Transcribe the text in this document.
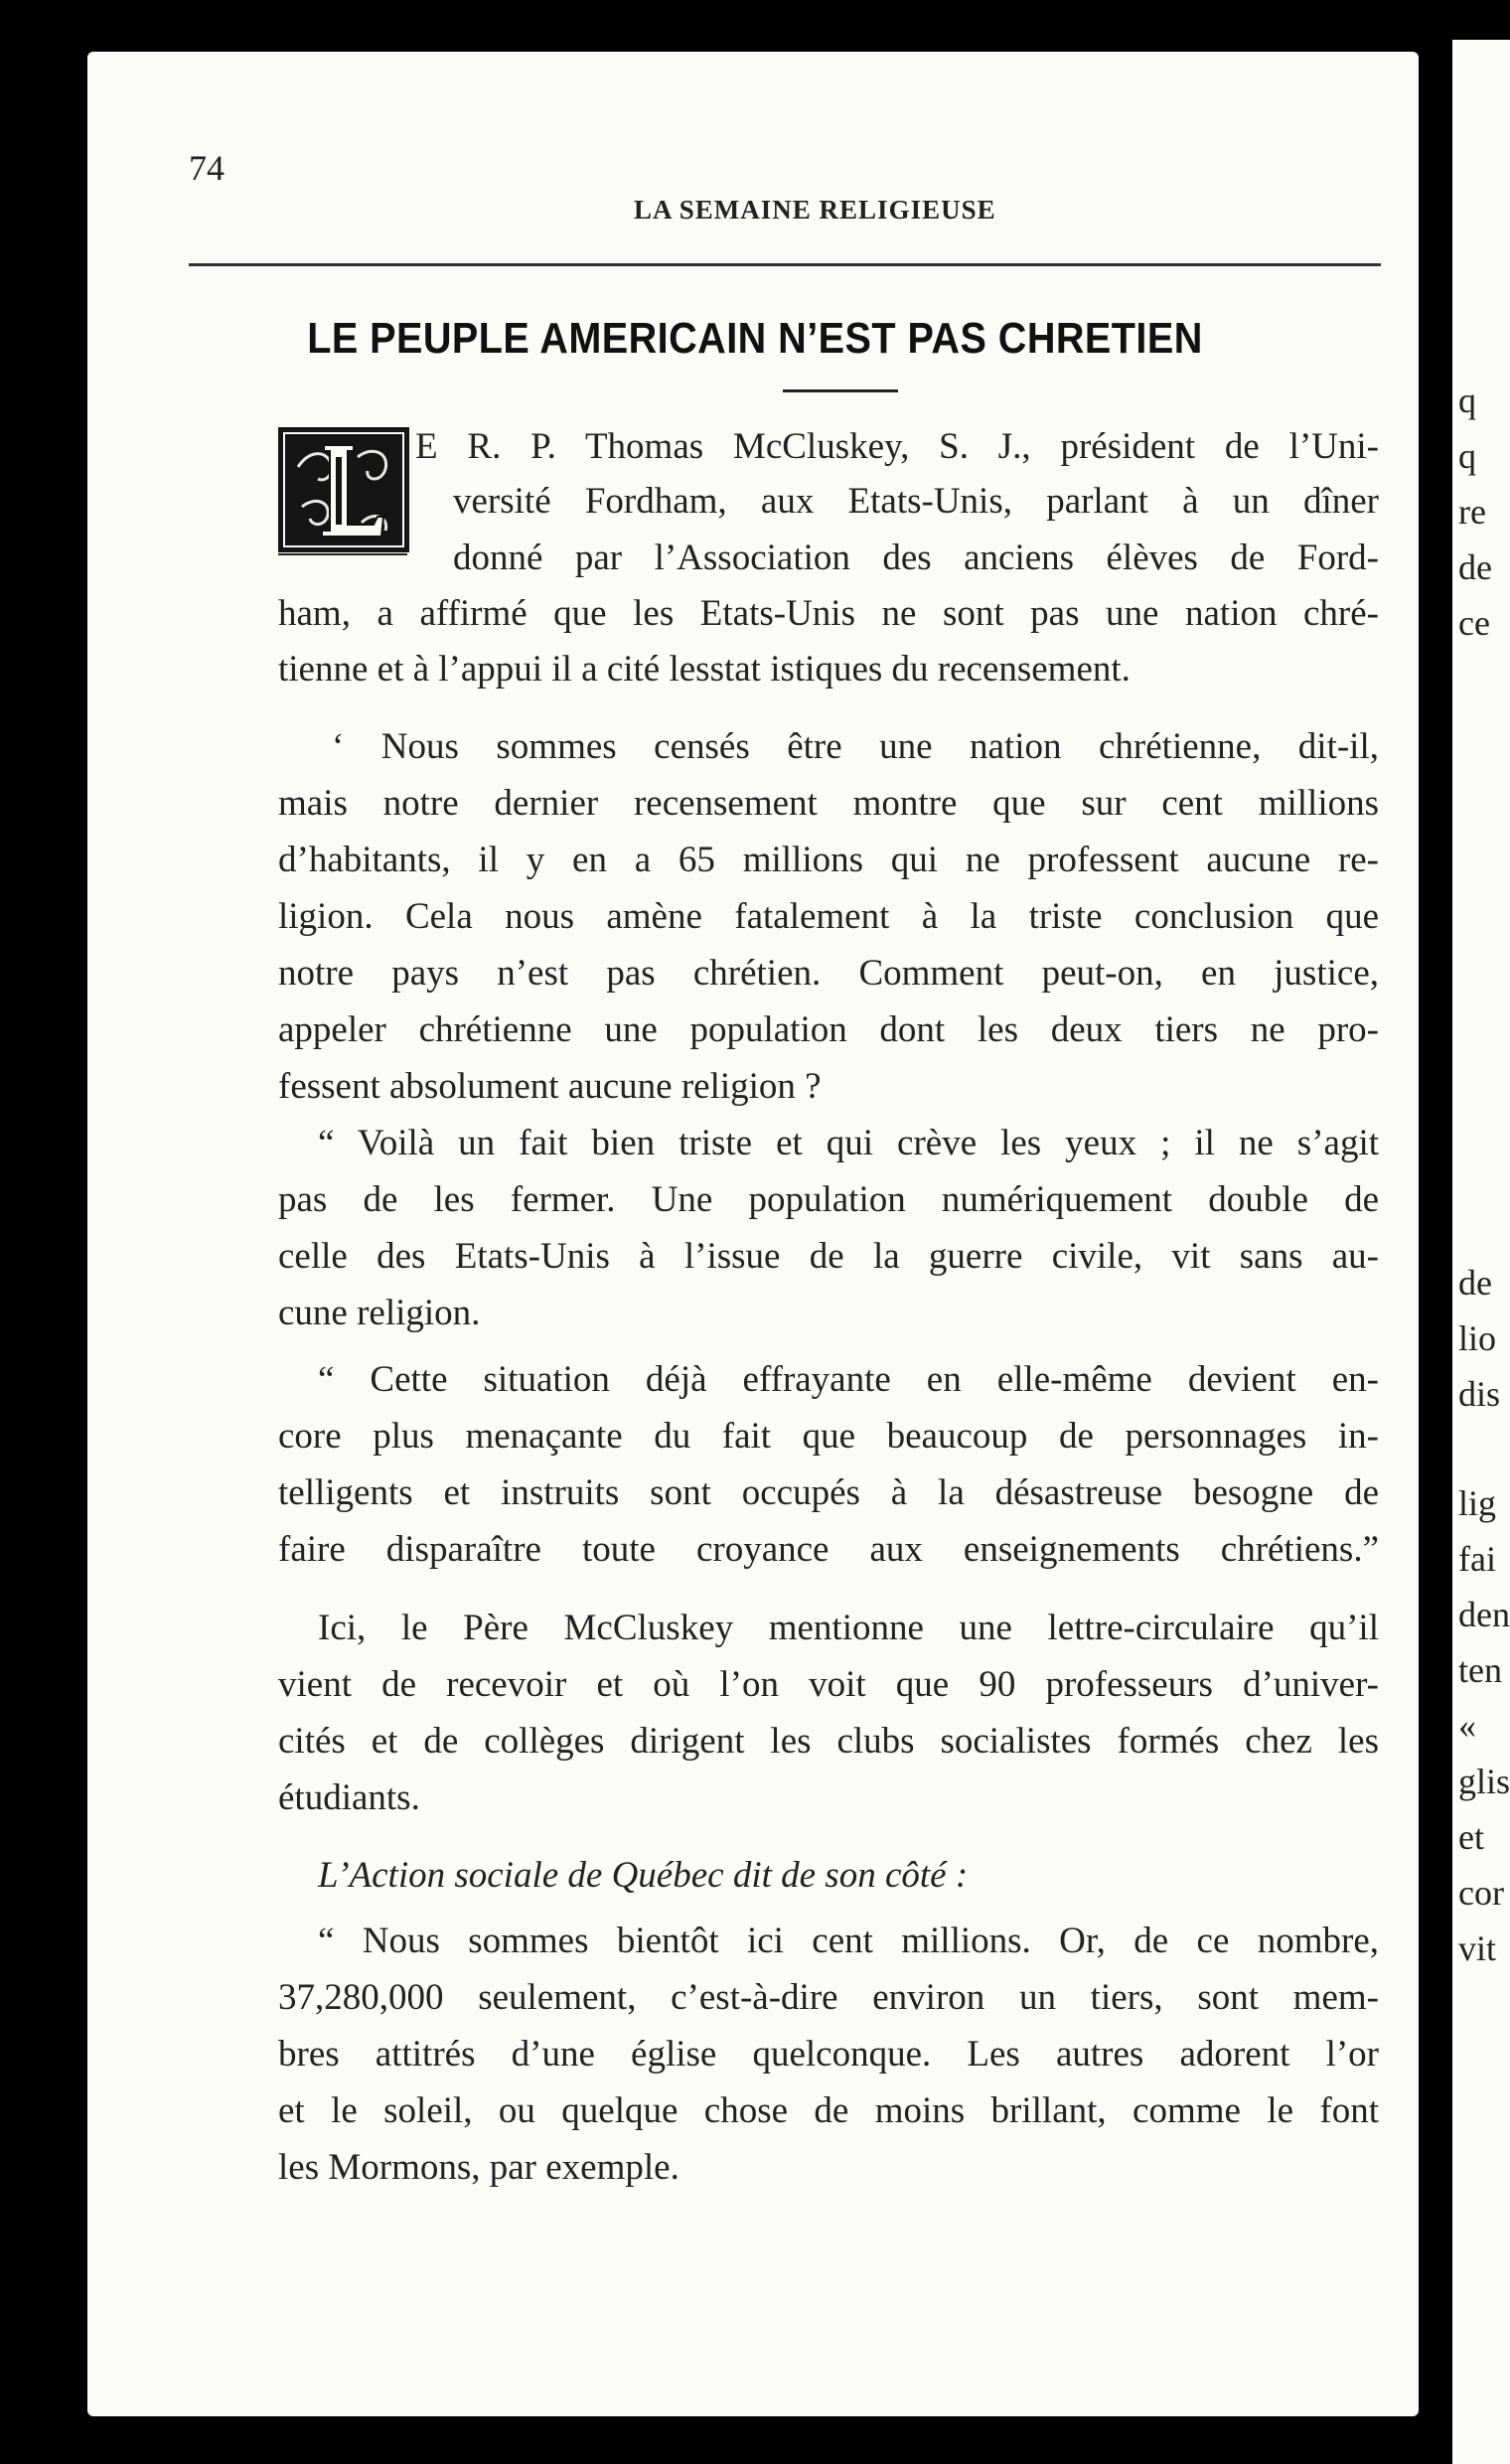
q
q
re
de
ce
de
lio
dis
lig
fai
den
ten
«
glis
et
cor
vit
74
LA SEMAINE RELIGIEUSE
LE PEUPLE AMERICAIN N’EST PAS CHRETIEN
E R. P. Thomas McCluskey, S. J., président de l’Uni-
versité Fordham, aux Etats-Unis, parlant à un dîner
donné par l’Association des anciens élèves de Ford-
ham, a affirmé que les Etats-Unis ne sont pas une nation chré-
tienne et à l’appui il a cité lesstat istiques du recensement.
‘ Nous sommes censés être une nation chrétienne, dit-il,
mais notre dernier recensement montre que sur cent millions
d’habitants, il y en a 65 millions qui ne professent aucune re-
ligion. Cela nous amène fatalement à la triste conclusion que
notre pays n’est pas chrétien. Comment peut-on, en justice,
appeler chrétienne une population dont les deux tiers ne pro-
fessent absolument aucune religion ?
“ Voilà un fait bien triste et qui crève les yeux ; il ne s’agit
pas de les fermer. Une population numériquement double de
celle des Etats-Unis à l’issue de la guerre civile, vit sans au-
cune religion.
“ Cette situation déjà effrayante en elle-même devient en-
core plus menaçante du fait que beaucoup de personnages in-
telligents et instruits sont occupés à la désastreuse besogne de
faire disparaître toute croyance aux enseignements chrétiens.”
Ici, le Père McCluskey mentionne une lettre-circulaire qu’il
vient de recevoir et où l’on voit que 90 professeurs d’univer-
cités et de collèges dirigent les clubs socialistes formés chez les
étudiants.
L’Action sociale de Québec dit de son côté :
“ Nous sommes bientôt ici cent millions. Or, de ce nombre,
37,280,000 seulement, c’est-à-dire environ un tiers, sont mem-
bres attitrés d’une église quelconque. Les autres adorent l’or
et le soleil, ou quelque chose de moins brillant, comme le font
les Mormons, par exemple.
